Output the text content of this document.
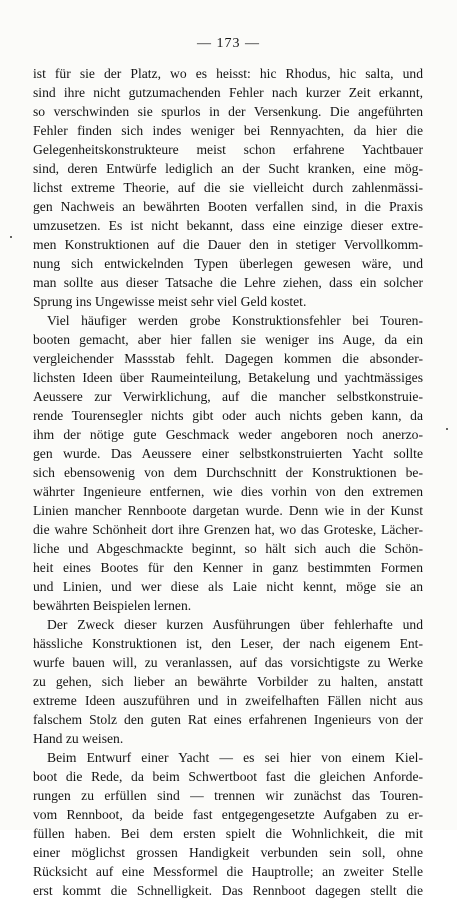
— 173 —
ist für sie der Platz, wo es heisst: hic Rhodus, hic salta, und
sind ihre nicht gutzumachenden Fehler nach kurzer Zeit erkannt,
so verschwinden sie spurlos in der Versenkung. Die angeführten
Fehler finden sich indes weniger bei Rennyachten, da hier die
Gelegenheitskonstrukteure meist schon erfahrene Yachtbauer
sind, deren Entwürfe lediglich an der Sucht kranken, eine mög-
lichst extreme Theorie, auf die sie vielleicht durch zahlenmässi-
gen Nachweis an bewährten Booten verfallen sind, in die Praxis
umzusetzen. Es ist nicht bekannt, dass eine einzige dieser extre-
men Konstruktionen auf die Dauer den in stetiger Vervollkomm-
nung sich entwickelnden Typen überlegen gewesen wäre, und
man sollte aus dieser Tatsache die Lehre ziehen, dass ein solcher
Sprung ins Ungewisse meist sehr viel Geld kostet.
Viel häufiger werden grobe Konstruktionsfehler bei Touren-
booten gemacht, aber hier fallen sie weniger ins Auge, da ein
vergleichender Massstab fehlt. Dagegen kommen die absonder-
lichsten Ideen über Raumeinteilung, Betakelung und yachtmässiges
Aeussere zur Verwirklichung, auf die mancher selbstkonstruie-
rende Tourensegler nichts gibt oder auch nichts geben kann, da
ihm der nötige gute Geschmack weder angeboren noch anerzo-
gen wurde. Das Aeussere einer selbstkonstruierten Yacht sollte
sich ebensowenig von dem Durchschnitt der Konstruktionen be-
währter Ingenieure entfernen, wie dies vorhin von den extremen
Linien mancher Rennboote dargetan wurde. Denn wie in der Kunst
die wahre Schönheit dort ihre Grenzen hat, wo das Groteske, Lächer-
liche und Abgeschmackte beginnt, so hält sich auch die Schön-
heit eines Bootes für den Kenner in ganz bestimmten Formen
und Linien, und wer diese als Laie nicht kennt, möge sie an
bewährten Beispielen lernen.
Der Zweck dieser kurzen Ausführungen über fehlerhafte und
hässliche Konstruktionen ist, den Leser, der nach eigenem Ent-
wurfe bauen will, zu veranlassen, auf das vorsichtigste zu Werke
zu gehen, sich lieber an bewährte Vorbilder zu halten, anstatt
extreme Ideen auszuführen und in zweifelhaften Fällen nicht aus
falschem Stolz den guten Rat eines erfahrenen Ingenieurs von der
Hand zu weisen.
Beim Entwurf einer Yacht — es sei hier von einem Kiel-
boot die Rede, da beim Schwertboot fast die gleichen Anforde-
rungen zu erfüllen sind — trennen wir zunächst das Touren-
vom Rennboot, da beide fast entgegengesetzte Aufgaben zu er-
füllen haben. Bei dem ersten spielt die Wohnlichkeit, die mit
einer möglichst grossen Handigkeit verbunden sein soll, ohne
Rücksicht auf eine Messformel die Hauptrolle; an zweiter Stelle
erst kommt die Schnelligkeit. Das Rennboot dagegen stellt die
